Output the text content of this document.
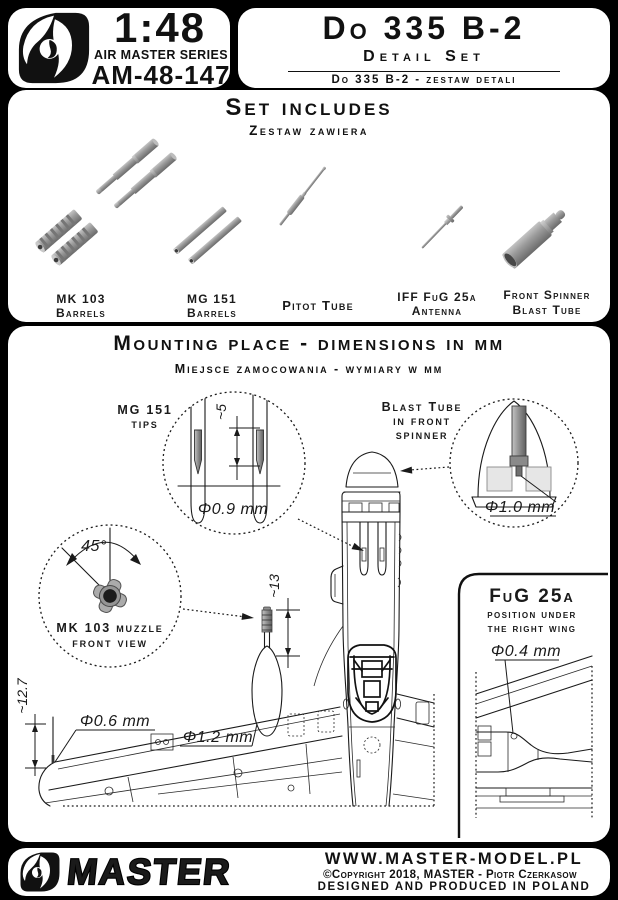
1:48
AIR MASTER SERIES
AM-48-147
Do 335 B-2
Detail Set
Do 335 B-2 - zestaw detali
Set includes
Zestaw zawiera
MK 103
Barrels
MG 151
Barrels	Pitot Tube
IFF FuG 25a
Antenna
Front Spinner
Blast Tube
Mounting place - dimensions in mm
Miejsce zamocowania - wymiary w mm
~13
Φ1.2 mm
~12.7
Φ0.6 mm
~5
Φ0.9 mm
MG 151
tips
Φ1.0 mm
Blast Tube
in front
spinner
45°
MK 103 muzzle
front view
FuG 25a
position under
the right wing
Φ0.4 mm
MASTER	WWW.MASTER-MODEL.PL
©Copyright 2018, MASTER - Piotr Czerkasow
DESIGNED AND PRODUCED IN POLAND
